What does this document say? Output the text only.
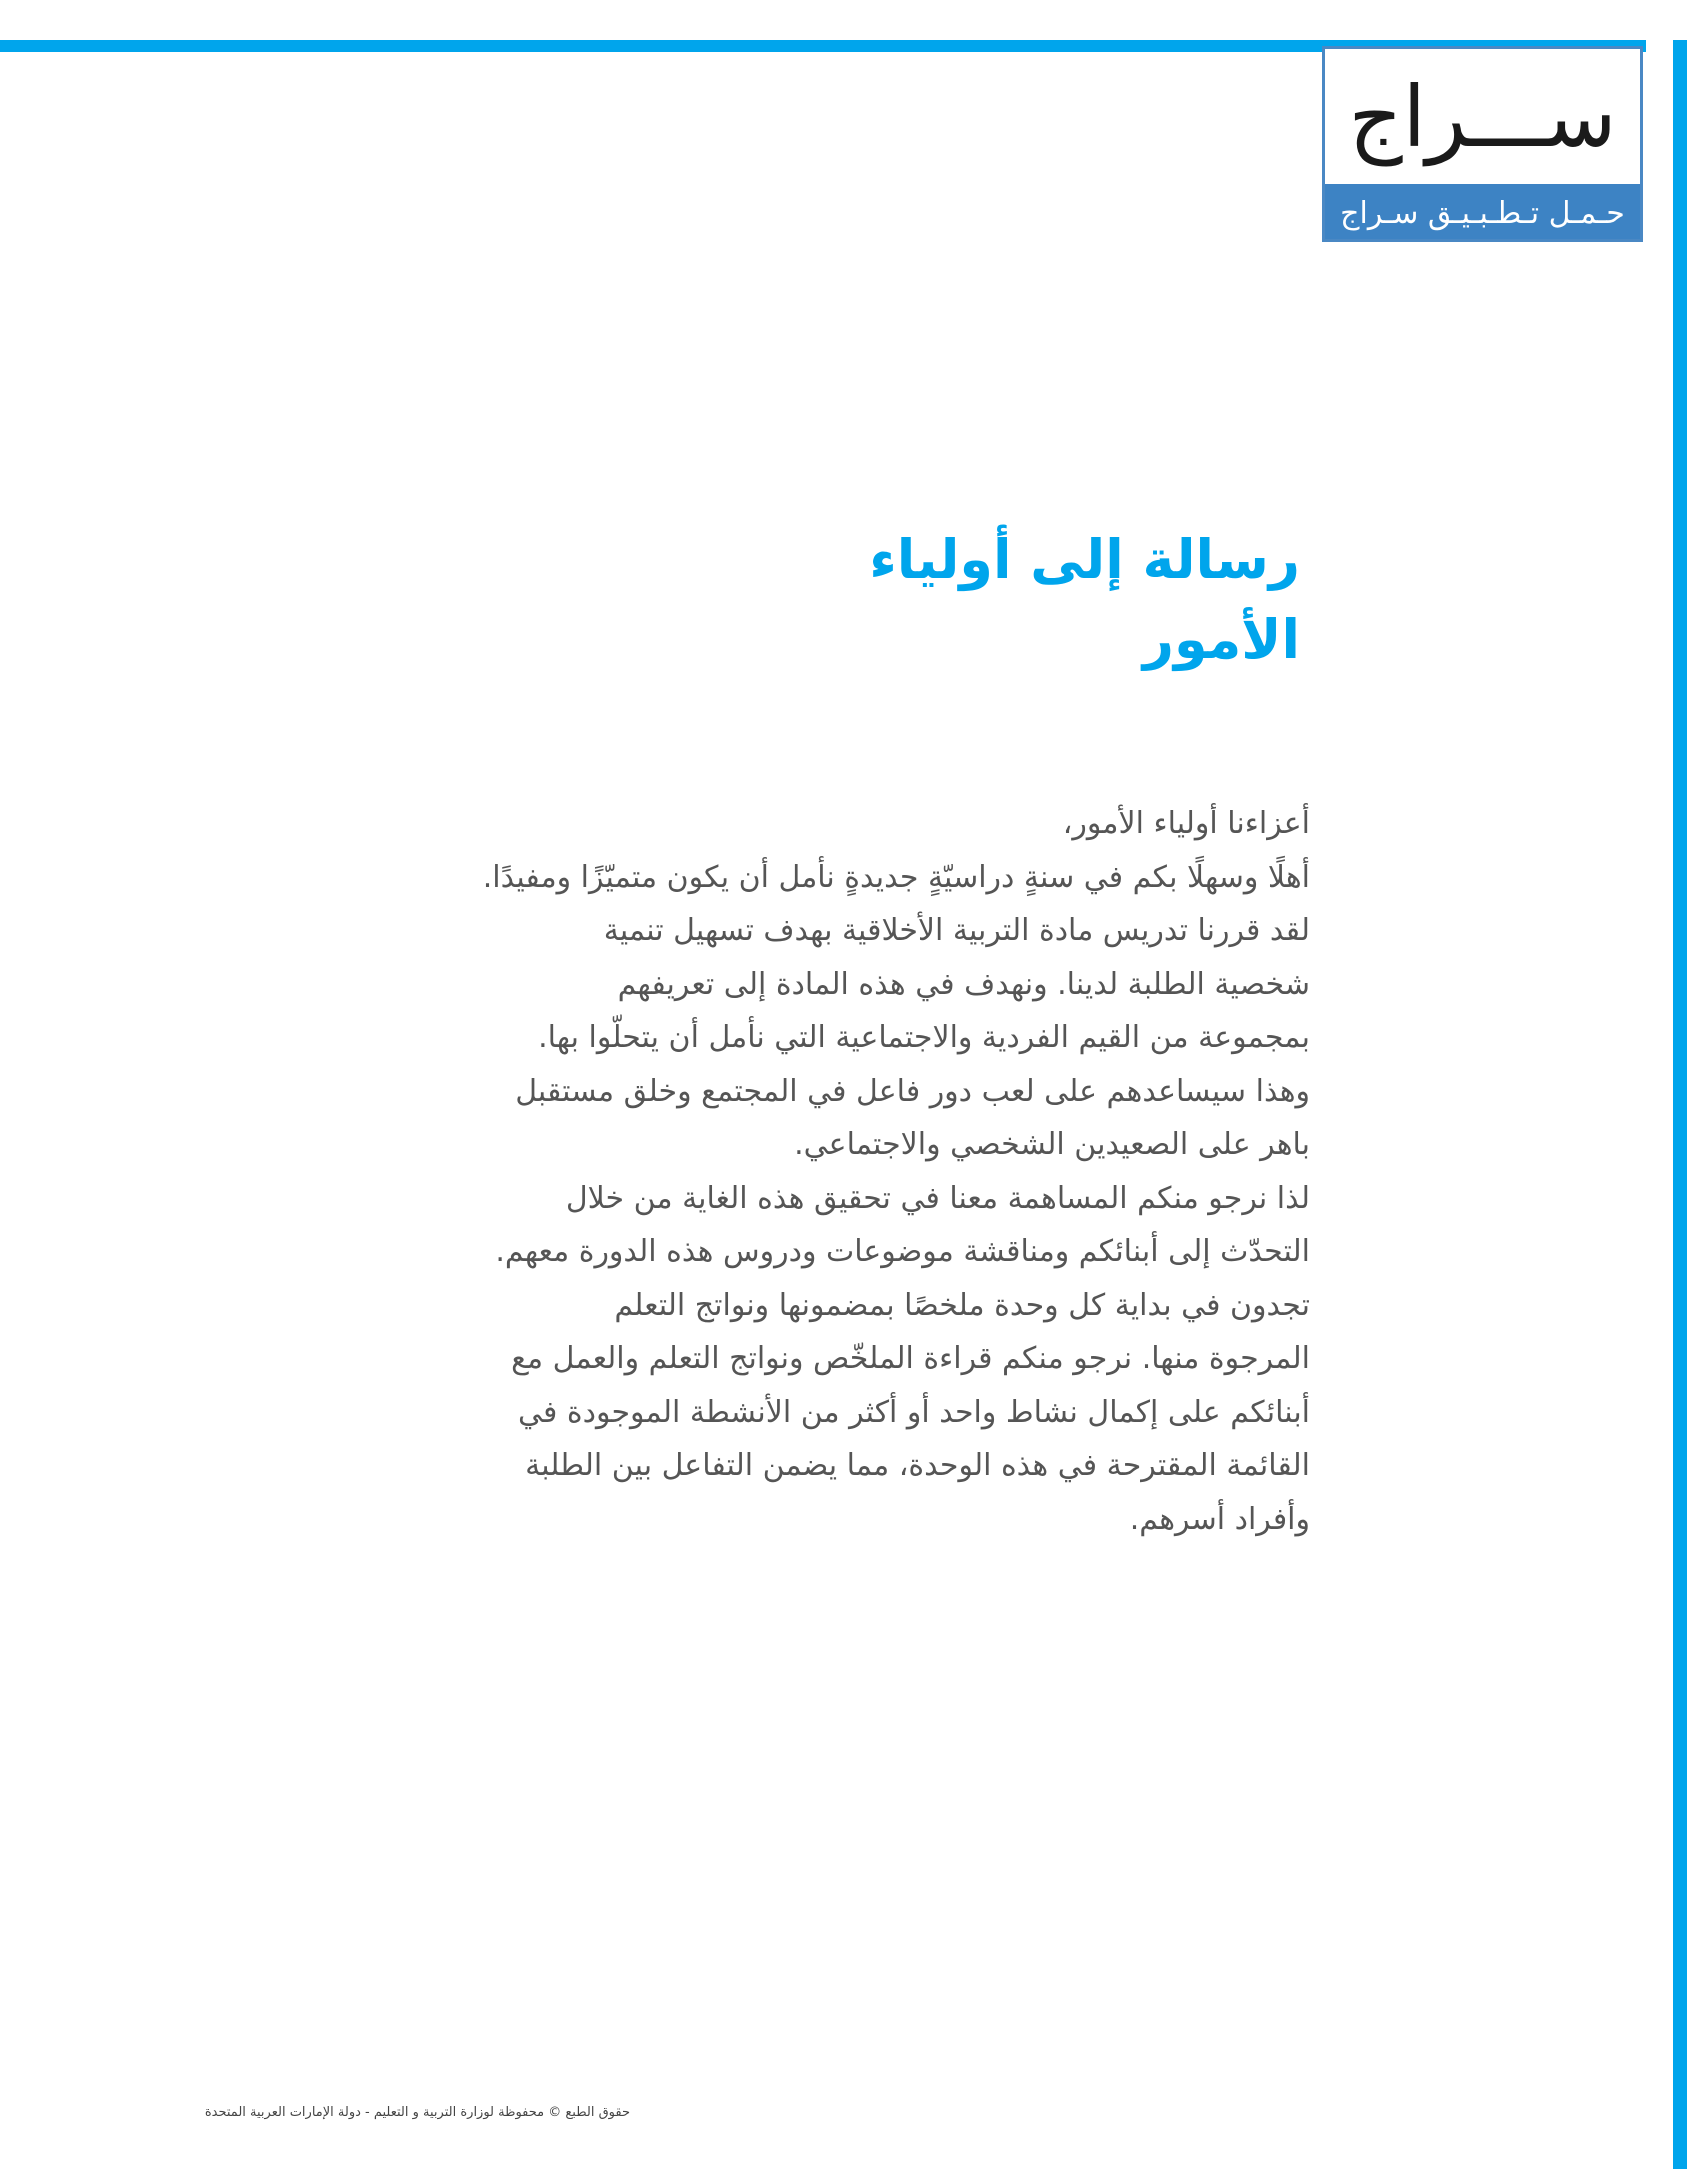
ســـراج
حـمـل تـطـبـيـق سـراج
رسالة إلى أولياء الأمور
أعزاءنا أولياء الأمور،
أهلًا وسهلًا بكم في سنةٍ دراسيّةٍ جديدةٍ نأمل أن يكون متميّزًا ومفيدًا.
لقد قررنا تدريس مادة التربية الأخلاقية بهدف تسهيل تنمية
شخصية الطلبة لدينا. ونهدف في هذه المادة إلى تعريفهم
بمجموعة من القيم الفردية والاجتماعية التي نأمل أن يتحلّوا بها.
وهذا سيساعدهم على لعب دور فاعل في المجتمع وخلق مستقبل
باهر على الصعيدين الشخصي والاجتماعي.
لذا نرجو منكم المساهمة معنا في تحقيق هذه الغاية من خلال
التحدّث إلى أبنائكم ومناقشة موضوعات ودروس هذه الدورة معهم.
تجدون في بداية كل وحدة ملخصًا بمضمونها ونواتج التعلم
المرجوة منها. نرجو منكم قراءة الملخّص ونواتج التعلم والعمل مع
أبنائكم على إكمال نشاط واحد أو أكثر من الأنشطة الموجودة في
القائمة المقترحة في هذه الوحدة، مما يضمن التفاعل بين الطلبة
وأفراد أسرهم.
حقوق الطبع © محفوظة لوزارة التربية و التعليم - دولة الإمارات العربية المتحدة
